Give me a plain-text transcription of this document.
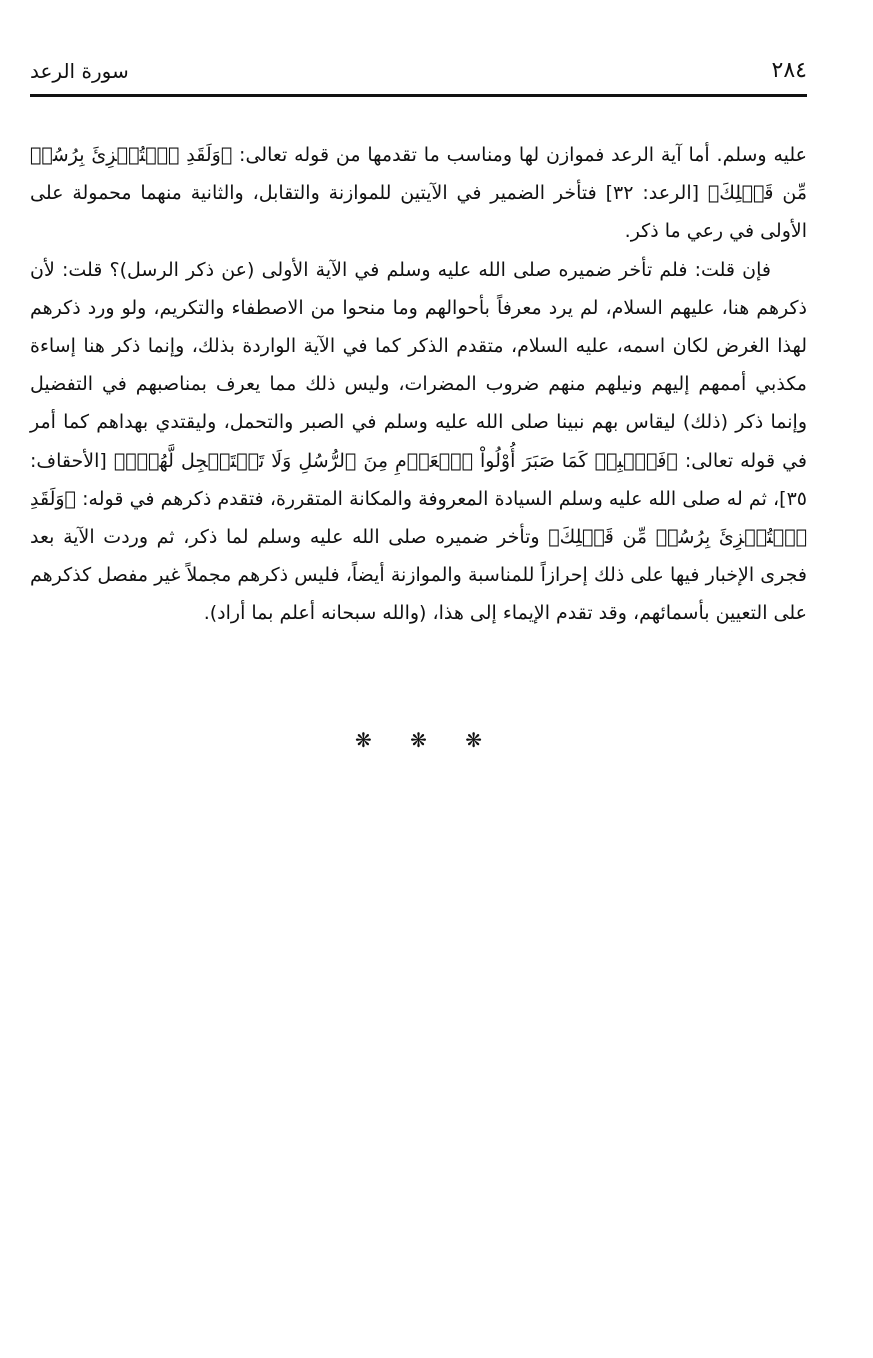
٢٨٤
سورة الرعد

عليه وسلم. أما آية الرعد فموازن لها ومناسب ما تقدمها من قوله تعالى: ﴿وَلَقَدِ ٱسۡتُهۡزِئَ بِرُسُلٖ مِّن قَبۡلِكَ﴾ [الرعد: ٣٢] فتأخر الضمير في الآيتين للموازنة والتقابل، والثانية منهما محمولة على الأولى في رعي ما ذكر.

فإن قلت: فلم تأخر ضميره صلى الله عليه وسلم في الآية الأولى (عن ذكر الرسل)؟ قلت: لأن ذكرهم هنا، عليهم السلام، لم يرد معرفاً بأحوالهم وما منحوا من الاصطفاء والتكريم، ولو ورد ذكرهم لهذا الغرض لكان اسمه، عليه السلام، متقدم الذكر كما في الآية الواردة بذلك، وإنما ذكر هنا إساءة مكذبي أممهم إليهم ونيلهم منهم ضروب المضرات، وليس ذلك مما يعرف بمناصبهم في التفضيل وإنما ذكر (ذلك) ليقاس بهم نبينا صلى الله عليه وسلم في الصبر والتحمل، وليقتدي بهداهم كما أمر في قوله تعالى: ﴿فَٱصۡبِرۡ كَمَا صَبَرَ أُوْلُواْ ٱلۡعَزۡمِ مِنَ ٱلرُّسُلِ وَلَا تَسۡتَعۡجِل لَّهُمۡۚ﴾ [الأحقاف: ٣٥]، ثم له صلى الله عليه وسلم السيادة المعروفة والمكانة المتقررة، فتقدم ذكرهم في قوله: ﴿وَلَقَدِ ٱسۡتُهۡزِئَ بِرُسُلٖ مِّن قَبۡلِكَ﴾ وتأخر ضميره صلى الله عليه وسلم لما ذكر، ثم وردت الآية بعد فجرى الإخبار فيها على ذلك إحرازاً للمناسبة والموازنة أيضاً، فليس ذكرهم مجملاً غير مفصل كذكرهم على التعيين بأسمائهم، وقد تقدم الإيماء إلى هذا، (والله سبحانه أعلم بما أراد).

❋ ❋ ❋
